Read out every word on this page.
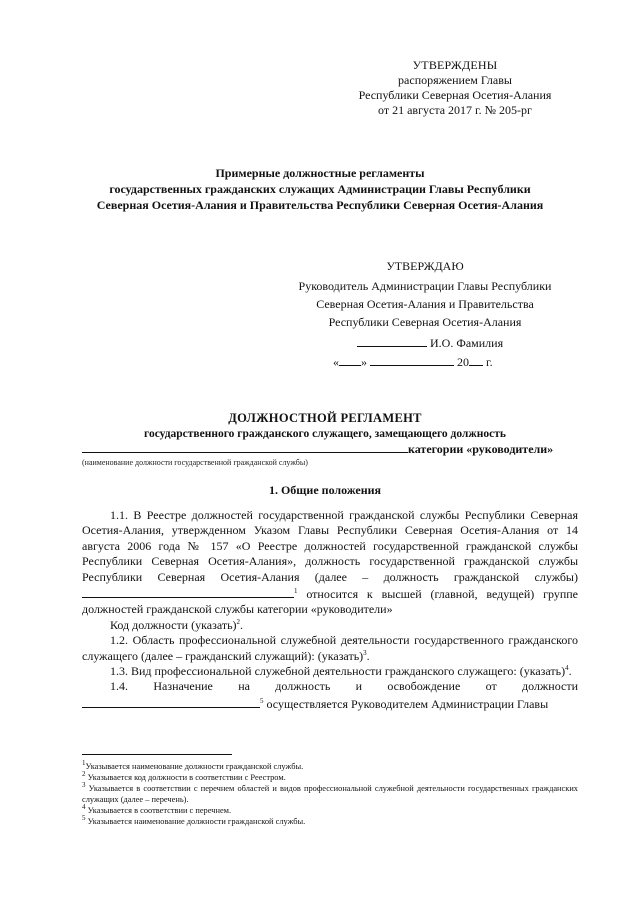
УТВЕРЖДЕНЫ
распоряжением Главы
Республики Северная Осетия-Алания
от 21 августа 2017 г. № 205-рг
Примерные должностные регламенты
государственных гражданских служащих Администрации Главы Республики
Северная Осетия-Алания и Правительства Республики Северная Осетия-Алания
УТВЕРЖДАЮ
Руководитель Администрации Главы Республики
Северная Осетия-Алания и Правительства
Республики Северная Осетия-Алания
И.О. Фамилия
« »	20 г.
ДОЛЖНОСТНОЙ РЕГЛАМЕНТ
государственного гражданского служащего, замещающего должность
категории «руководители»
(наименование должности государственной гражданской службы)
1. Общие положения

1.1. В Реестре должностей государственной гражданской службы Республики Северная Осетия-Алания, утвержденном Указом Главы Республики Северная Осетия-Алания от 14 августа 2006 года № 157 «О Реестре должностей государственной гражданской службы Республики Северная Осетия-Алания», должность государственной гражданской службы Республики Северная Осетия-Алания (далее – должность гражданской службы) $^1$ относится к высшей (главной, ведущей) группе должностей гражданской службы категории «руководители»

Код должности (указать)$^2$.

1.2. Область профессиональной служебной деятельности государственного гражданского служащего (далее – гражданский служащий): (указать)$^3$.

1.3. Вид профессиональной служебной деятельности гражданского служащего: (указать)$^4$.

1.4. Назначение на должность и освобождение от должности $^5$ осуществляется Руководителем Администрации Главы

$^1$Указывается наименование должности гражданской службы.

$^2$ Указывается код должности в соответствии с Реестром.

$^3$ Указывается в соответствии с перечнем областей и видов профессиональной служебной деятельности государственных гражданских служащих (далее – перечень).

$^4$ Указывается в соответствии с перечнем.

$^5$ Указывается наименование должности гражданской службы.
